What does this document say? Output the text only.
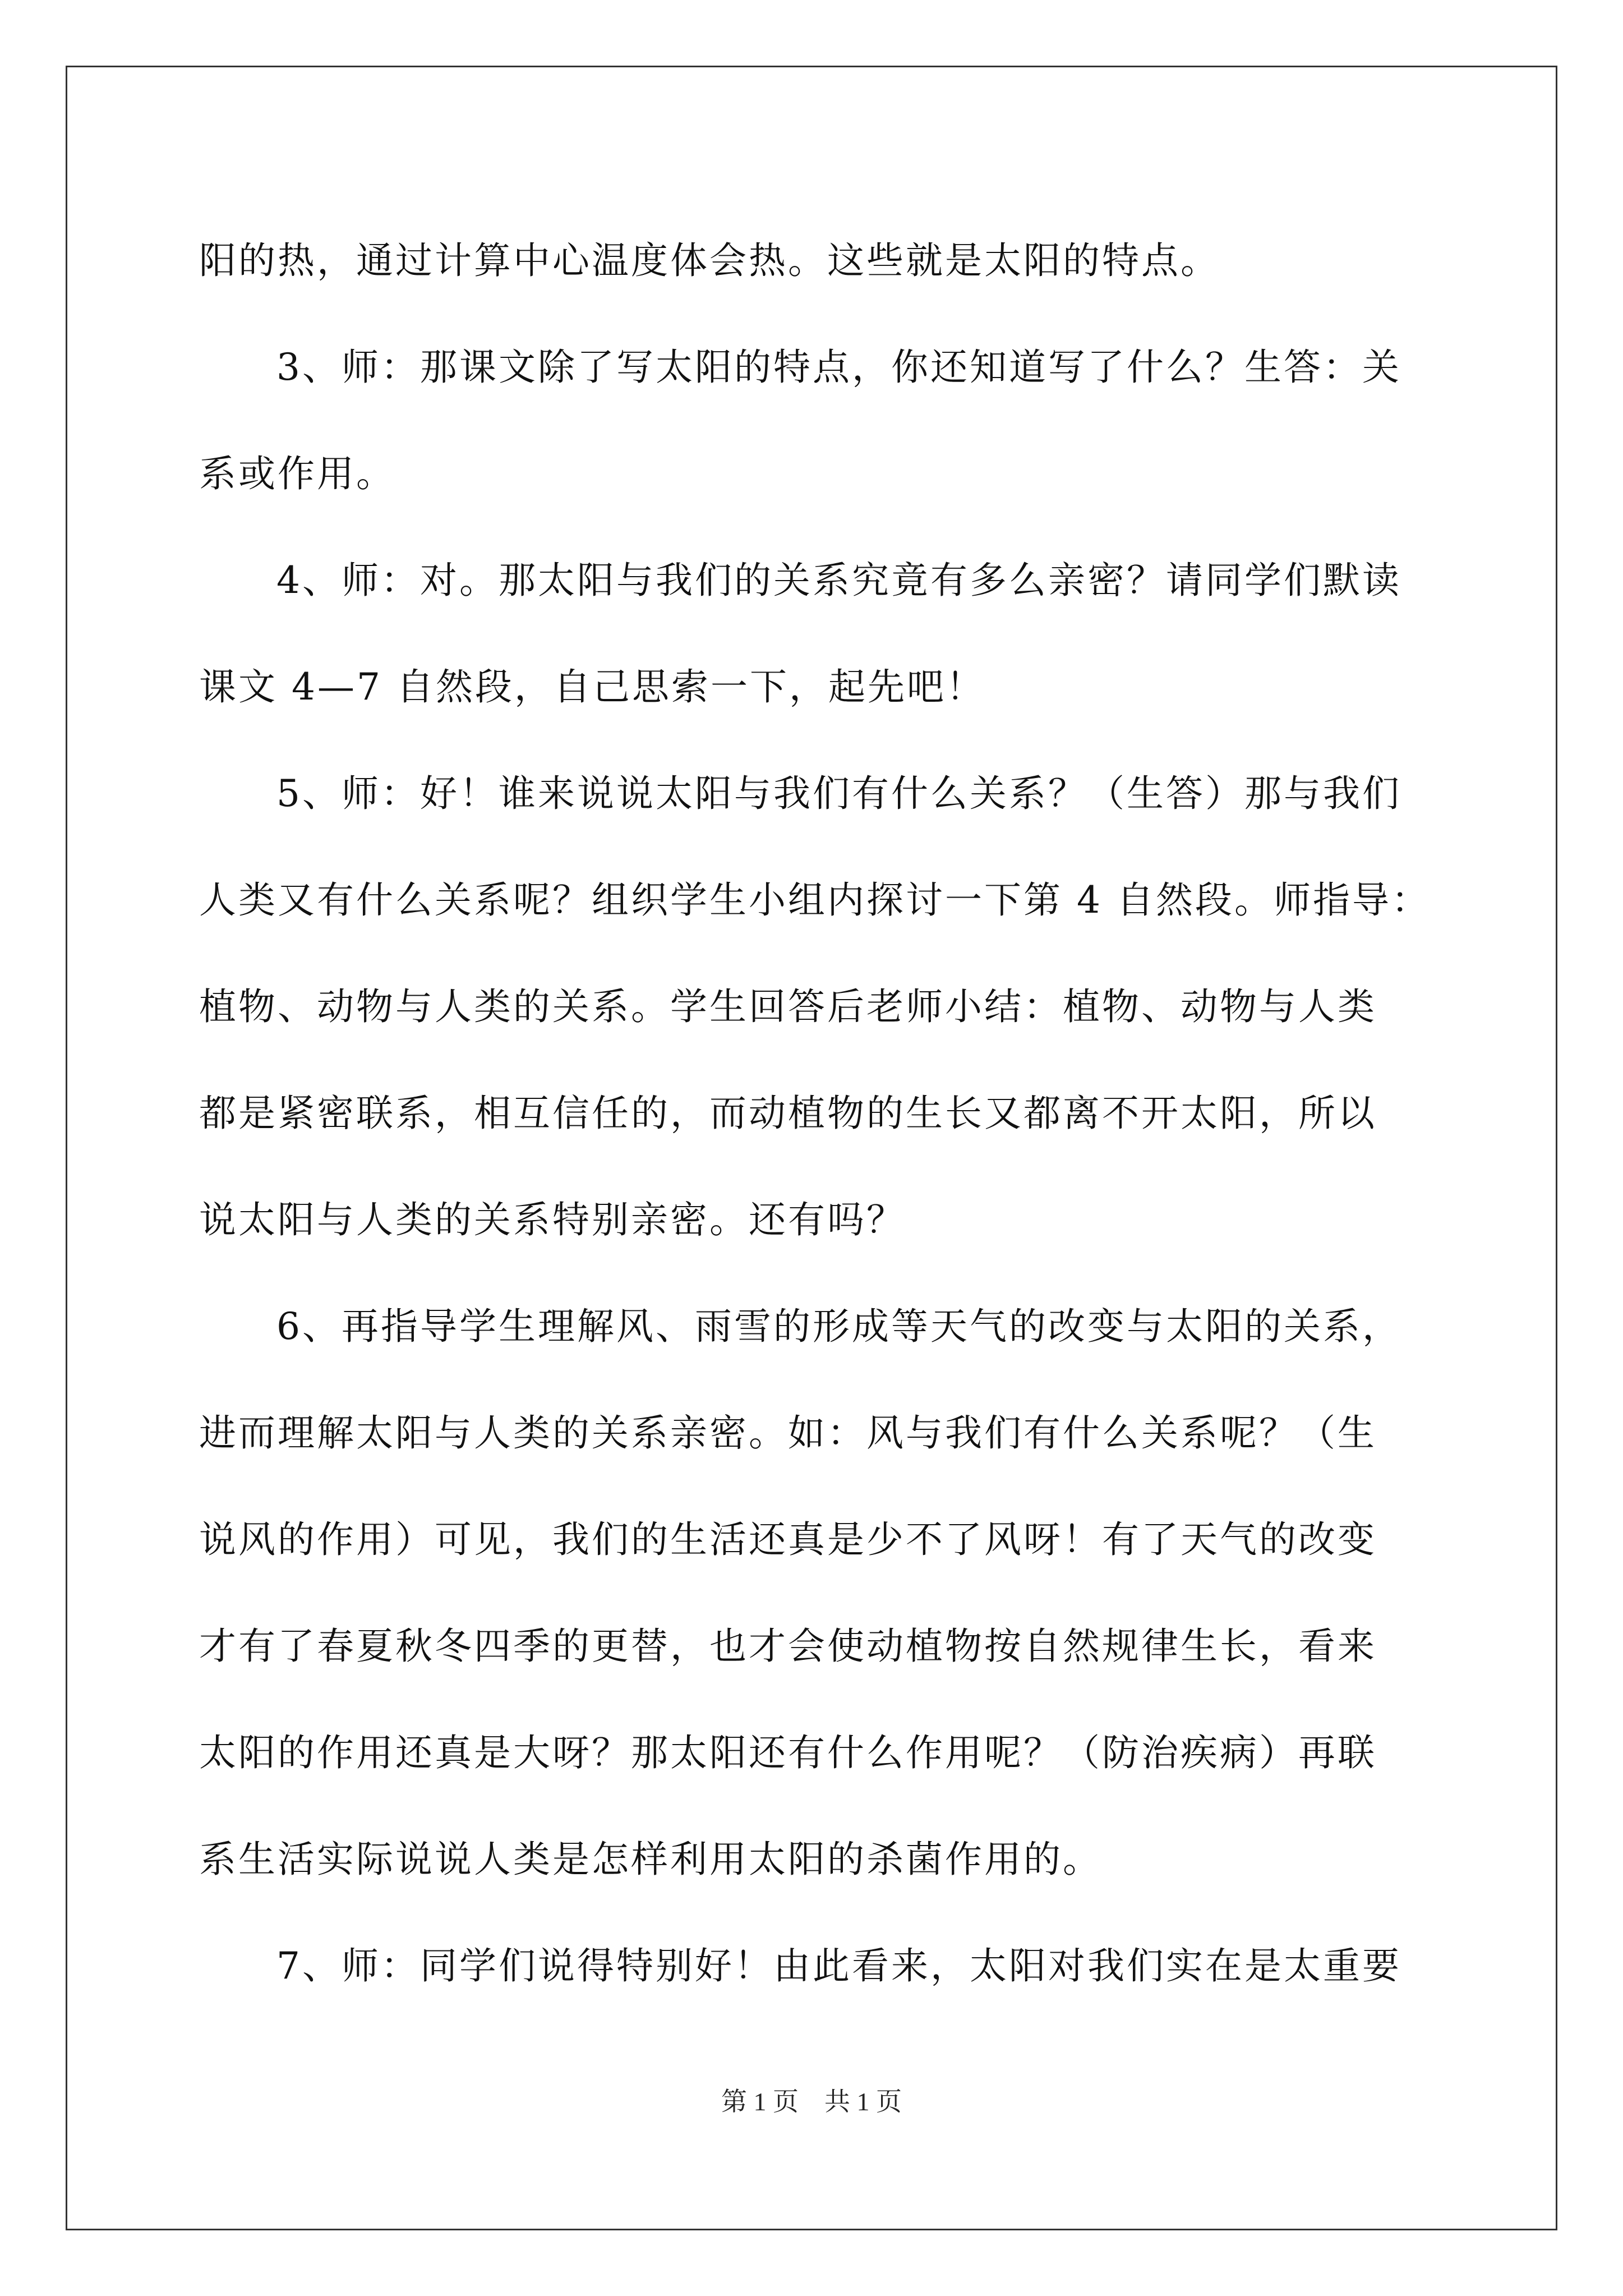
阳的热，通过计算中心温度体会热。这些就是太阳的特点。
3、师：那课文除了写太阳的特点，你还知道写了什么？生答：关
系或作用。
4、师：对。那太阳与我们的关系究竟有多么亲密？请同学们默读
课文 4—7 自然段，自己思索一下，起先吧！
5、师：好！谁来说说太阳与我们有什么关系？（生答）那与我们
人类又有什么关系呢？组织学生小组内探讨一下第 4 自然段。师指导：
植物、动物与人类的关系。学生回答后老师小结：植物、动物与人类
都是紧密联系，相互信任的，而动植物的生长又都离不开太阳，所以
说太阳与人类的关系特别亲密。还有吗？
6、再指导学生理解风、雨雪的形成等天气的改变与太阳的关系，
进而理解太阳与人类的关系亲密。如：风与我们有什么关系呢？（生
说风的作用）可见，我们的生活还真是少不了风呀！有了天气的改变
才有了春夏秋冬四季的更替，也才会使动植物按自然规律生长，看来
太阳的作用还真是大呀？那太阳还有什么作用呢？（防治疾病）再联
系生活实际说说人类是怎样利用太阳的杀菌作用的。
7、师：同学们说得特别好！由此看来，太阳对我们实在是太重要
第 1 页　共 1 页
